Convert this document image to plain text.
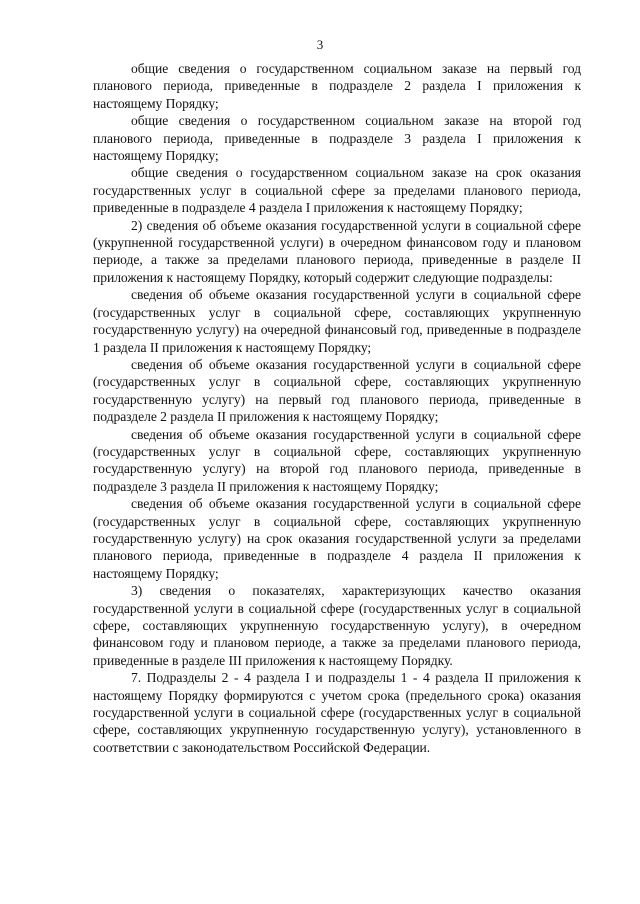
3

общие сведения о государственном социальном заказе на первый год планового периода, приведенные в подразделе 2 раздела I приложения к настоящему Порядку;

общие сведения о государственном социальном заказе на второй год планового периода, приведенные в подразделе 3 раздела I приложения к настоящему Порядку;

общие сведения о государственном социальном заказе на срок оказания государственных услуг в социальной сфере за пределами планового периода, приведенные в подразделе 4 раздела I приложения к настоящему Порядку;

2) сведения об объеме оказания государственной услуги в социальной сфере (укрупненной государственной услуги) в очередном финансовом году и плановом периоде, а также за пределами планового периода, приведенные в разделе II приложения к настоящему Порядку, который содержит следующие подразделы:

сведения об объеме оказания государственной услуги в социальной сфере (государственных услуг в социальной сфере, составляющих укрупненную государственную услугу) на очередной финансовый год, приведенные в подразделе 1 раздела II приложения к настоящему Порядку;

сведения об объеме оказания государственной услуги в социальной сфере (государственных услуг в социальной сфере, составляющих укрупненную государственную услугу) на первый год планового периода, приведенные в подразделе 2 раздела II приложения к настоящему Порядку;

сведения об объеме оказания государственной услуги в социальной сфере (государственных услуг в социальной сфере, составляющих укрупненную государственную услугу) на второй год планового периода, приведенные в подразделе 3 раздела II приложения к настоящему Порядку;

сведения об объеме оказания государственной услуги в социальной сфере (государственных услуг в социальной сфере, составляющих укрупненную государственную услугу) на срок оказания государственной услуги за пределами планового периода, приведенные в подразделе 4 раздела II приложения к настоящему Порядку;

3) сведения о показателях, характеризующих качество оказания государственной услуги в социальной сфере (государственных услуг в социальной сфере, составляющих укрупненную государственную услугу), в очередном финансовом году и плановом периоде, а также за пределами планового периода, приведенные в разделе III приложения к настоящему Порядку.

7. Подразделы 2 - 4 раздела I и подразделы 1 - 4 раздела II приложения к настоящему Порядку формируются с учетом срока (предельного срока) оказания государственной услуги в социальной сфере (государственных услуг в социальной сфере, составляющих укрупненную государственную услугу), установленного в соответствии с законодательством Российской Федерации.
